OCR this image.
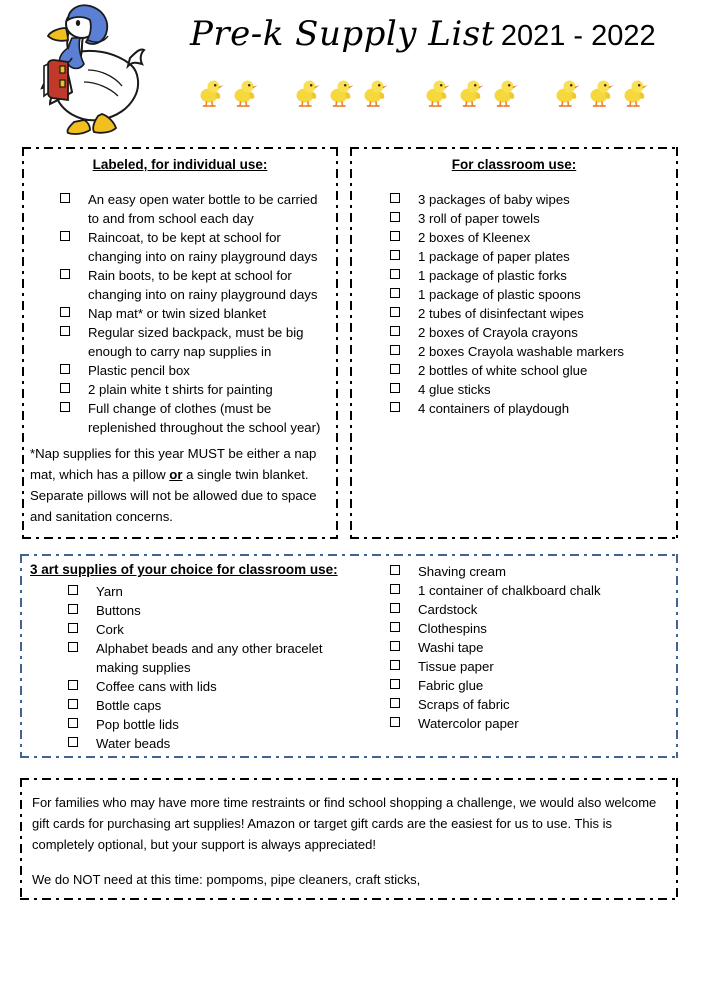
Pre-k Supply List 2021 - 2022
Labeled, for individual use:
An easy open water bottle to be carried to and from school each day
Raincoat, to be kept at school for changing into on rainy playground days
Rain boots, to be kept at school for changing into on rainy playground days
Nap mat* or twin sized blanket
Regular sized backpack, must be big enough to carry nap supplies in
Plastic pencil box
2 plain white t shirts for painting
Full change of clothes (must be replenished throughout the school year)
*Nap supplies for this year MUST be either a nap mat, which has a pillow or a single twin blanket. Separate pillows will not be allowed due to space and sanitation concerns.
For classroom use:
3 packages of baby wipes
3 roll of paper towels
2 boxes of Kleenex
1 package of paper plates
1 package of plastic forks
1 package of plastic spoons
2 tubes of disinfectant wipes
2 boxes of Crayola crayons
2 boxes Crayola washable markers
2 bottles of white school glue
4 glue sticks
4 containers of playdough
3 art supplies of your choice for classroom use:
Yarn
Buttons
Cork
Alphabet beads and any other bracelet making supplies
Coffee cans with lids
Bottle caps
Pop bottle lids
Water beads
Shaving cream
1 container of chalkboard chalk
Cardstock
Clothespins
Washi tape
Tissue paper
Fabric glue
Scraps of fabric
Watercolor paper
For families who may have more time restraints or find school shopping a challenge, we would also welcome gift cards for purchasing art supplies! Amazon or target gift cards are the easiest for us to use. This is completely optional, but your support is always appreciated!
We do NOT need at this time: pompoms, pipe cleaners, craft sticks,
